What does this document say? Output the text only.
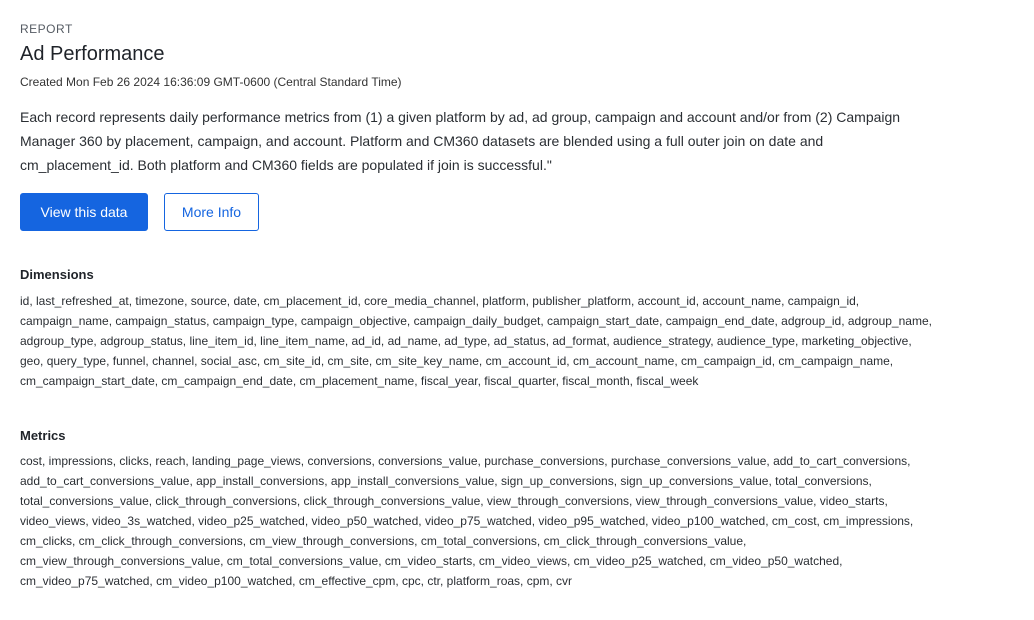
REPORT
Ad Performance
Created Mon Feb 26 2024 16:36:09 GMT-0600 (Central Standard Time)
Each record represents daily performance metrics from (1) a given platform by ad, ad group, campaign and account and/or from (2) Campaign
Manager 360 by placement, campaign, and account. Platform and CM360 datasets are blended using a full outer join on date and
cm_placement_id. Both platform and CM360 fields are populated if join is successful."
View this data	More Info
Dimensions
id, last_refreshed_at, timezone, source, date, cm_placement_id, core_media_channel, platform, publisher_platform, account_id, account_name, campaign_id,
campaign_name, campaign_status, campaign_type, campaign_objective, campaign_daily_budget, campaign_start_date, campaign_end_date, adgroup_id, adgroup_name,
adgroup_type, adgroup_status, line_item_id, line_item_name, ad_id, ad_name, ad_type, ad_status, ad_format, audience_strategy, audience_type, marketing_objective,
geo, query_type, funnel, channel, social_asc, cm_site_id, cm_site, cm_site_key_name, cm_account_id, cm_account_name, cm_campaign_id, cm_campaign_name,
cm_campaign_start_date, cm_campaign_end_date, cm_placement_name, fiscal_year, fiscal_quarter, fiscal_month, fiscal_week
Metrics
cost, impressions, clicks, reach, landing_page_views, conversions, conversions_value, purchase_conversions, purchase_conversions_value, add_to_cart_conversions,
add_to_cart_conversions_value, app_install_conversions, app_install_conversions_value, sign_up_conversions, sign_up_conversions_value, total_conversions,
total_conversions_value, click_through_conversions, click_through_conversions_value, view_through_conversions, view_through_conversions_value, video_starts,
video_views, video_3s_watched, video_p25_watched, video_p50_watched, video_p75_watched, video_p95_watched, video_p100_watched, cm_cost, cm_impressions,
cm_clicks, cm_click_through_conversions, cm_view_through_conversions, cm_total_conversions, cm_click_through_conversions_value,
cm_view_through_conversions_value, cm_total_conversions_value, cm_video_starts, cm_video_views, cm_video_p25_watched, cm_video_p50_watched,
cm_video_p75_watched, cm_video_p100_watched, cm_effective_cpm, cpc, ctr, platform_roas, cpm, cvr
